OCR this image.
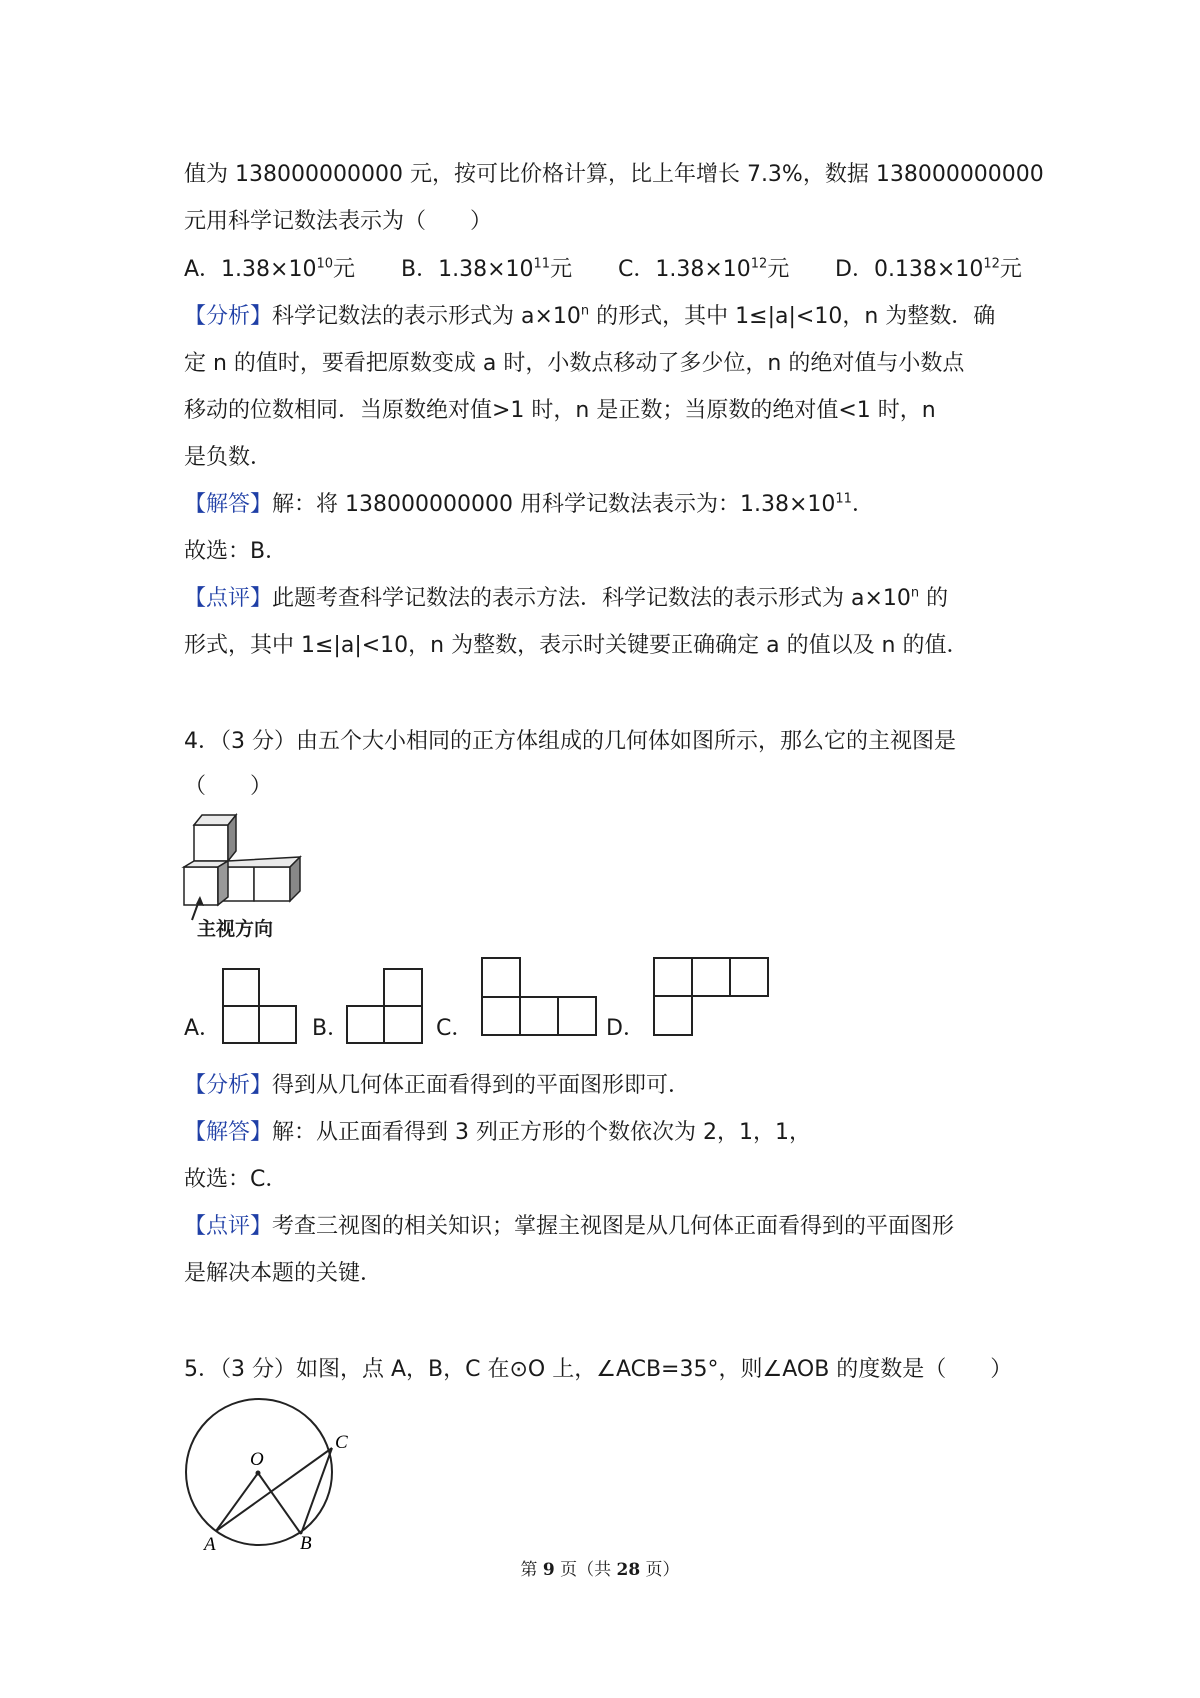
值为 138000000000 元，按可比价格计算，比上年增长 7.3%，数据 138000000000
元用科学记数法表示为（　　）
A．$1.38\times 10^{10}$元 B．$1.38\times 10^{11}$元 C．$1.38\times 10^{12}$元 D．$0.138\times 10^{12}$元
【分析】科学记数法的表示形式为 $a\times 10^n$ 的形式，其中 1≤|a|<10，n 为整数．确
定 n 的值时，要看把原数变成 a 时，小数点移动了多少位，n 的绝对值与小数点
移动的位数相同．当原数绝对值>1 时，n 是正数；当原数的绝对值<1 时，n
是负数．
【解答】解：将 138000000000 用科学记数法表示为：$1.38\times 10^{11}$．
故选：B．
【点评】此题考查科学记数法的表示方法．科学记数法的表示形式为 $a\times 10^n$ 的
形式，其中 1≤|a|<10，n 为整数，表示时关键要正确确定 a 的值以及 n 的值．
4．（3 分）由五个大小相同的正方体组成的几何体如图所示，那么它的主视图是
（　　）
主视方向
A．	B．	C．	D．
【分析】得到从几何体正面看得到的平面图形即可．
【解答】解：从正面看得到 3 列正方形的个数依次为 2，1，1，
故选：C．
【点评】考查三视图的相关知识；掌握主视图是从几何体正面看得到的平面图形
是解决本题的关键．
5．（3 分）如图，点 A，B，C 在⊙O 上，∠ACB=35°，则∠AOB 的度数是（　　）
O
A	B
C
第 9 页（共 28 页）
